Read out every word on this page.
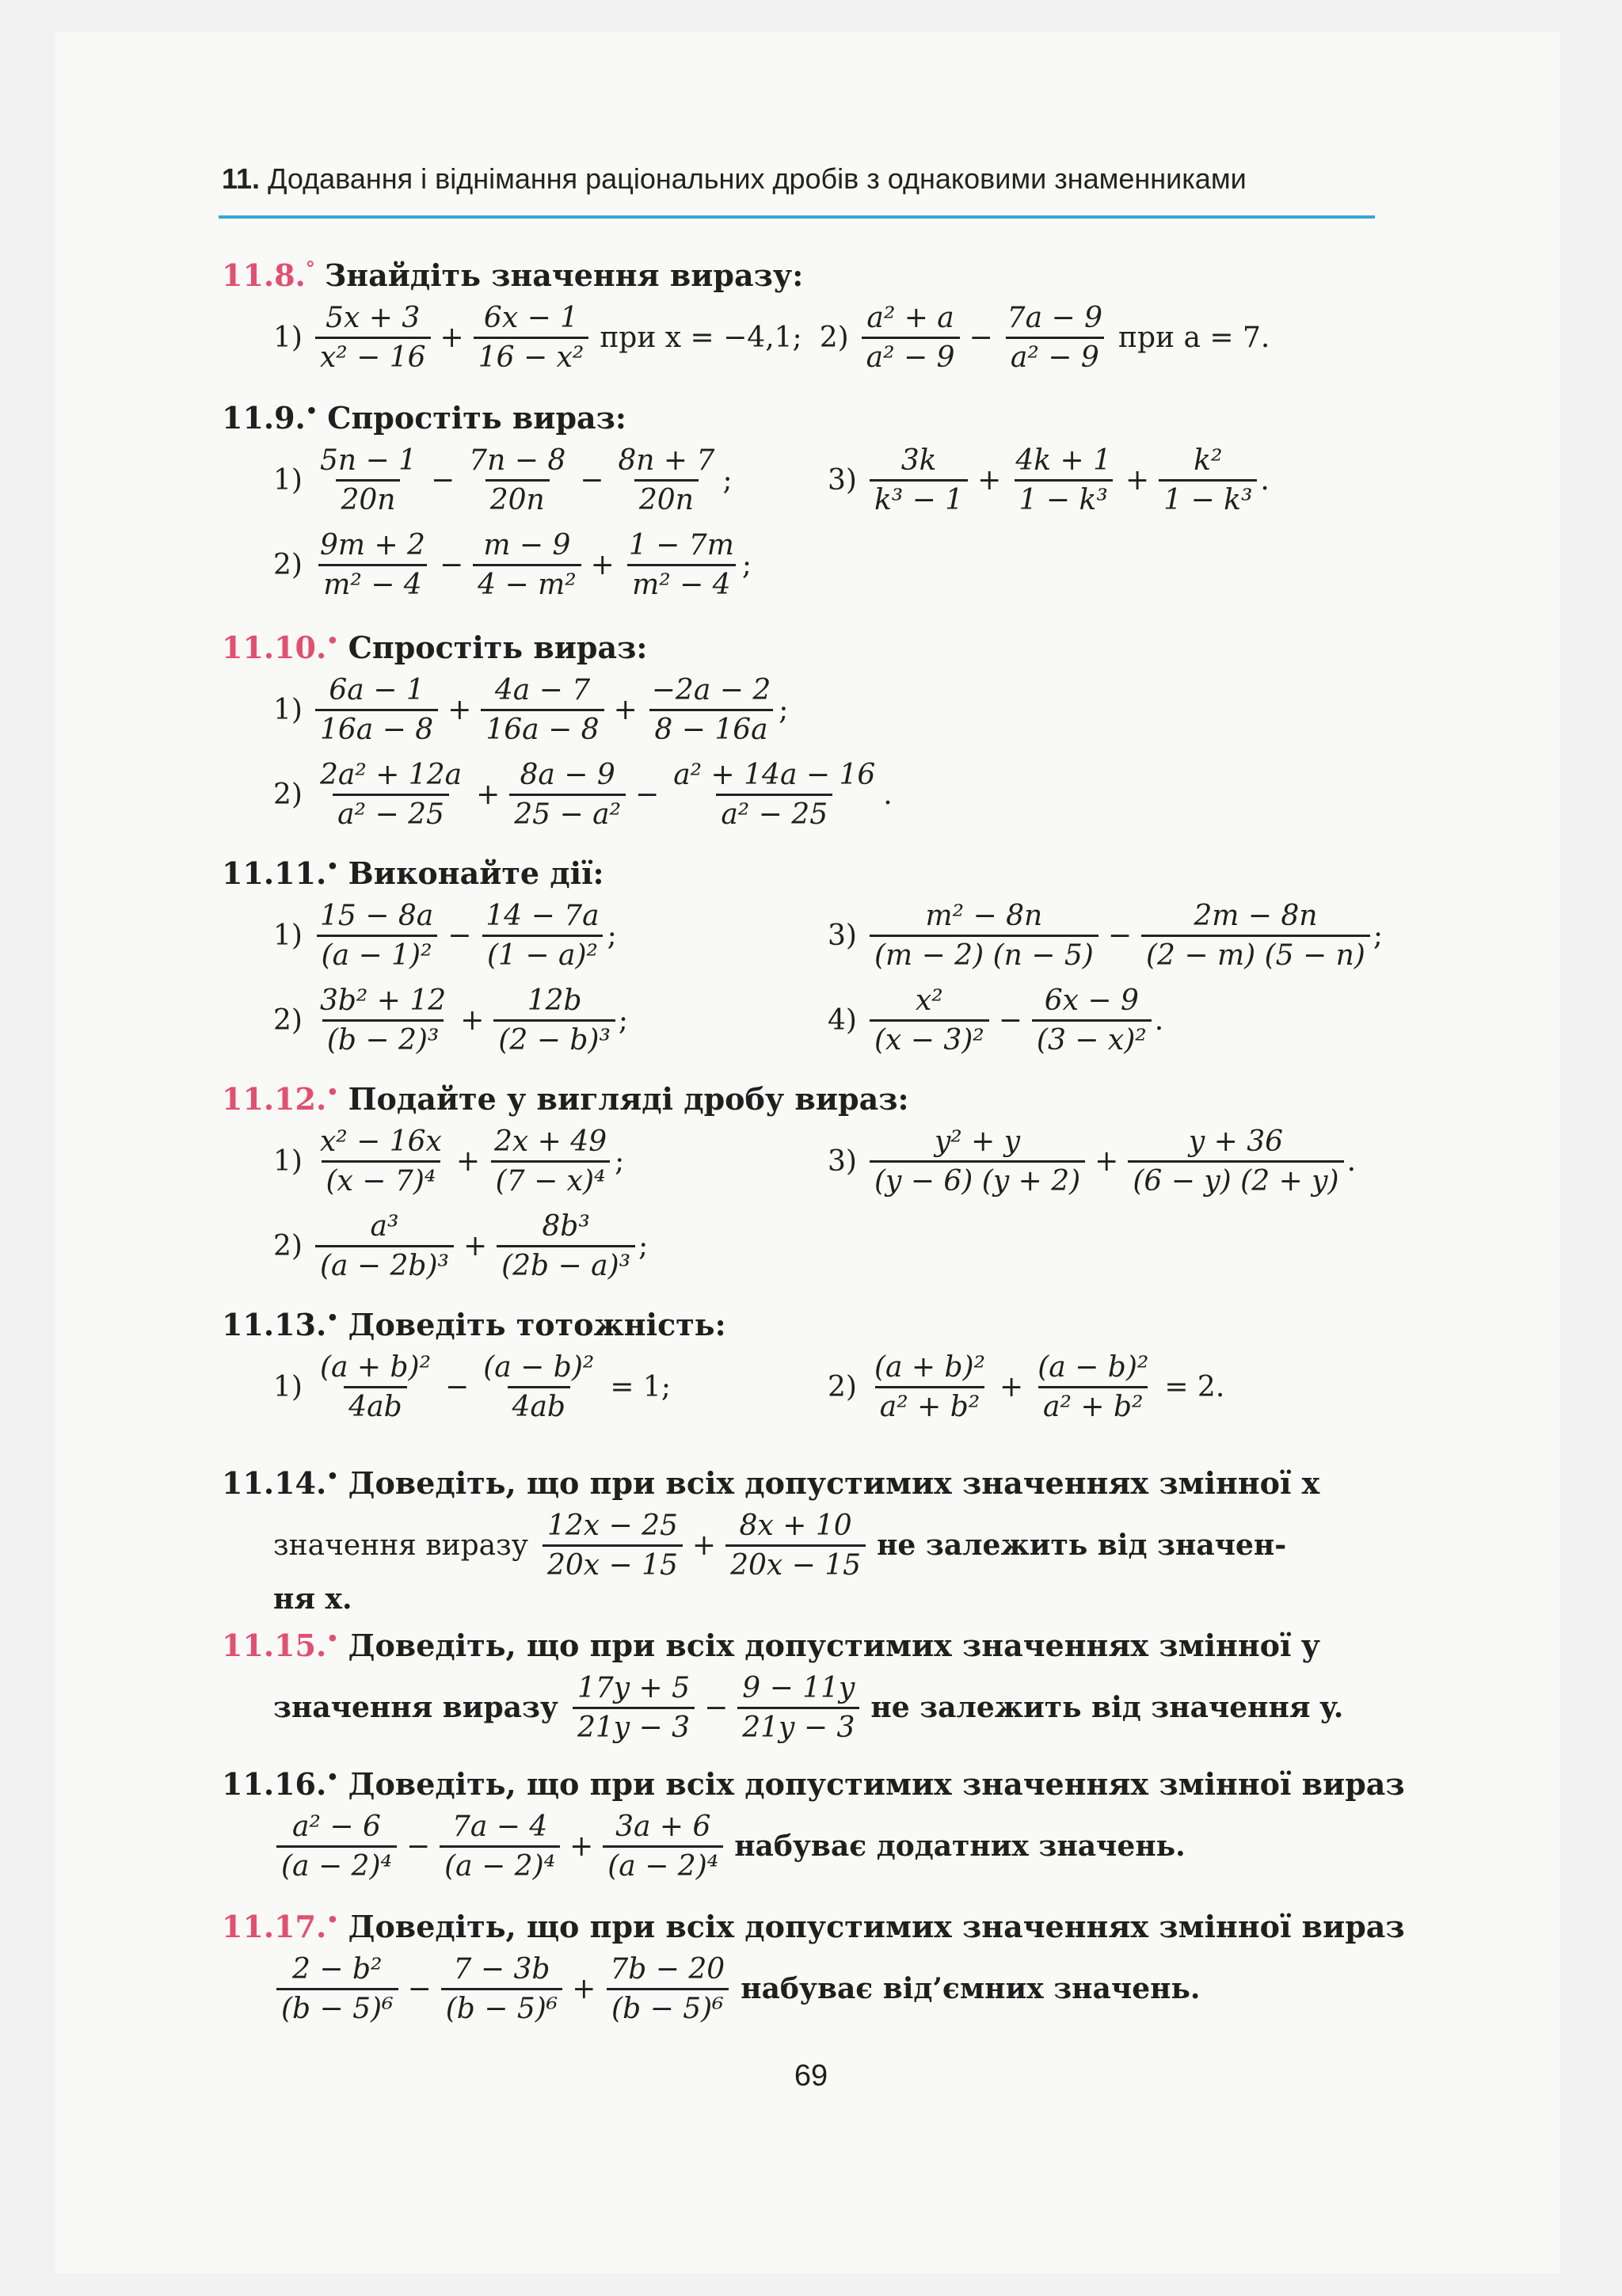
11. Додавання і віднімання раціональних дробів з однаковими знаменниками
11.8.° Знайдіть значення виразу:
$1) \frac{5x + 3}{\text{x² − 16}} + \frac{6x - 1}{\text{16 − x²}}$ при x = −4,1; $2) \frac{\text{a² + a}}{\text{a² − 9}} - \frac{7a - 9}{\text{a² − 9}}$ при a = 7.
11.9.• Спростіть вираз:
$1) \frac{5n - 1}{20n} - \frac{7n - 8}{20n} - \frac{8n + 7}{20n}$ ;	$3) \frac{3k}{\text{k³ − 1}} + \frac{4k + 1}{\text{1 − k³}} + \frac{\text{k²}}{\text{1 − k³}}$ .
$2) \frac{9m + 2}{\text{m² − 4}} - \frac{m - 9}{\text{4 − m²}} + \frac{1 - 7m}{\text{m² − 4}}$ ;
11.10.• Спростіть вираз:
$1) \frac{6a - 1}{16a - 8} + \frac{4a - 7}{16a - 8} + \frac{-2a - 2}{8 - 16a}$ ;
$2) \frac{\text{2a² + 12a}}{\text{a² − 25}} + \frac{8a - 9}{\text{25 − a²}} - \frac{\text{a² + 14a − 16}}{\text{a² − 25}}$ .
11.11.• Виконайте дії:
$1) \frac{15 - 8a}{\text{(a − 1)²}} - \frac{14 - 7a}{\text{(1 − a)²}}$ ;	$3) \frac{\text{m² − 8n}}{(m - 2) (n - 5)} - \frac{2m - 8n}{(2 - m) (5 - n)}$ ;
$2) \frac{\text{3b² + 12}}{\text{(b − 2)³}} + \frac{12b}{\text{(2 − b)³}}$ ;	$4) \frac{\text{x²}}{\text{(x − 3)²}} - \frac{6x - 9}{\text{(3 − x)²}}$ .
11.12.• Подайте у вигляді дробу вираз:
$1) \frac{\text{x² − 16x}}{\text{(x − 7)⁴}} + \frac{2x + 49}{\text{(7 − x)⁴}}$ ;	$3) \frac{\text{y² + y}}{(y - 6) (y + 2)} + \frac{y + 36}{(6 - y) (2 + y)}$ .
$2) \frac{\text{a³}}{\text{(a − 2b)³}} + \frac{\text{8b³}}{\text{(2b − a)³}}$ ;
11.13.• Доведіть тотожність:
$1) \frac{\text{(a + b)²}}{4ab} - \frac{\text{(a − b)²}}{4ab} = 1$;	$2) \frac{\text{(a + b)²}}{\text{a² + b²}} + \frac{\text{(a − b)²}}{\text{a² + b²}} = 2$.
11.14.• Доведіть, що при всіх допустимих значеннях змінної x
значення виразу $\frac{12x - 25}{20x - 15} + \frac{8x + 10}{20x - 15}$ не залежить від значен-
ня x.
11.15.• Доведіть, що при всіх допустимих значеннях змінної y
значення виразу $\frac{17y + 5}{21y - 3} - \frac{9 - 11y}{21y - 3}$ не залежить від значення y.
11.16.• Доведіть, що при всіх допустимих значеннях змінної вираз
$\frac{\text{a² − 6}}{\text{(a − 2)⁴}} - \frac{7a - 4}{\text{(a − 2)⁴}} + \frac{3a + 6}{\text{(a − 2)⁴}}$ набуває додатних значень.
11.17.• Доведіть, що при всіх допустимих значеннях змінної вираз
$\frac{\text{2 − b²}}{\text{(b − 5)⁶}} - \frac{7 - 3b}{\text{(b − 5)⁶}} + \frac{7b - 20}{\text{(b − 5)⁶}}$ набуває від’ємних значень.
69
